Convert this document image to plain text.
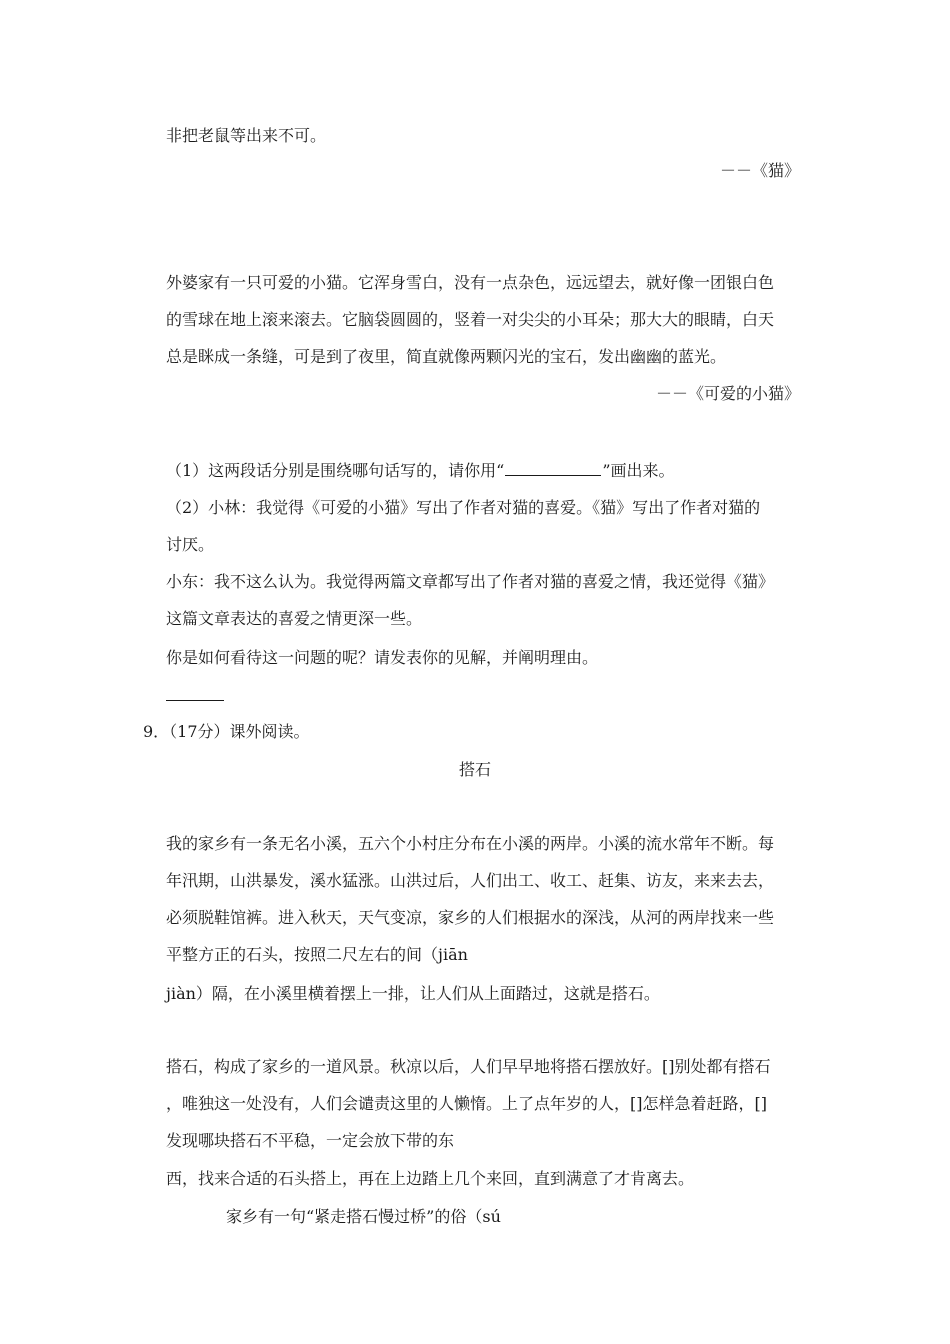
非把老鼠等出来不可。
－－《猫》
外婆家有一只可爱的小猫。它浑身雪白，没有一点杂色，远远望去，就好像一团银白色
的雪球在地上滚来滚去。它脑袋圆圆的，竖着一对尖尖的小耳朵；那大大的眼睛，白天
总是眯成一条缝，可是到了夜里，简直就像两颗闪光的宝石，发出幽幽的蓝光。
－－《可爱的小猫》
（1）这两段话分别是围绕哪句话写的，请你用“	”画出来。
（2）小林：我觉得《可爱的小猫》写出了作者对猫的喜爱。《猫》写出了作者对猫的
讨厌。
小东：我不这么认为。我觉得两篇文章都写出了作者对猫的喜爱之情，我还觉得《猫》
这篇文章表达的喜爱之情更深一些。
你是如何看待这一问题的呢？请发表你的见解，并阐明理由。
9．（17分）课外阅读。
搭石
我的家乡有一条无名小溪，五六个小村庄分布在小溪的两岸。小溪的流水常年不断。每
年汛期，山洪暴发，溪水猛涨。山洪过后，人们出工、收工、赶集、访友，来来去去，
必须脱鞋馆裤。进入秋天，天气变凉，家乡的人们根据水的深浅，从河的两岸找来一些
平整方正的石头，按照二尺左右的间（jiān
jiàn）隔，在小溪里横着摆上一排，让人们从上面踏过，这就是搭石。
搭石，构成了家乡的一道风景。秋凉以后，人们早早地将搭石摆放好。[]别处都有搭石
，唯独这一处没有，人们会谴责这里的人懒惰。上了点年岁的人，[]怎样急着赶路，[]
发现哪块搭石不平稳，一定会放下带的东
西，找来合适的石头搭上，再在上边踏上几个来回，直到满意了才肯离去。
家乡有一句“紧走搭石慢过桥”的俗（sú
